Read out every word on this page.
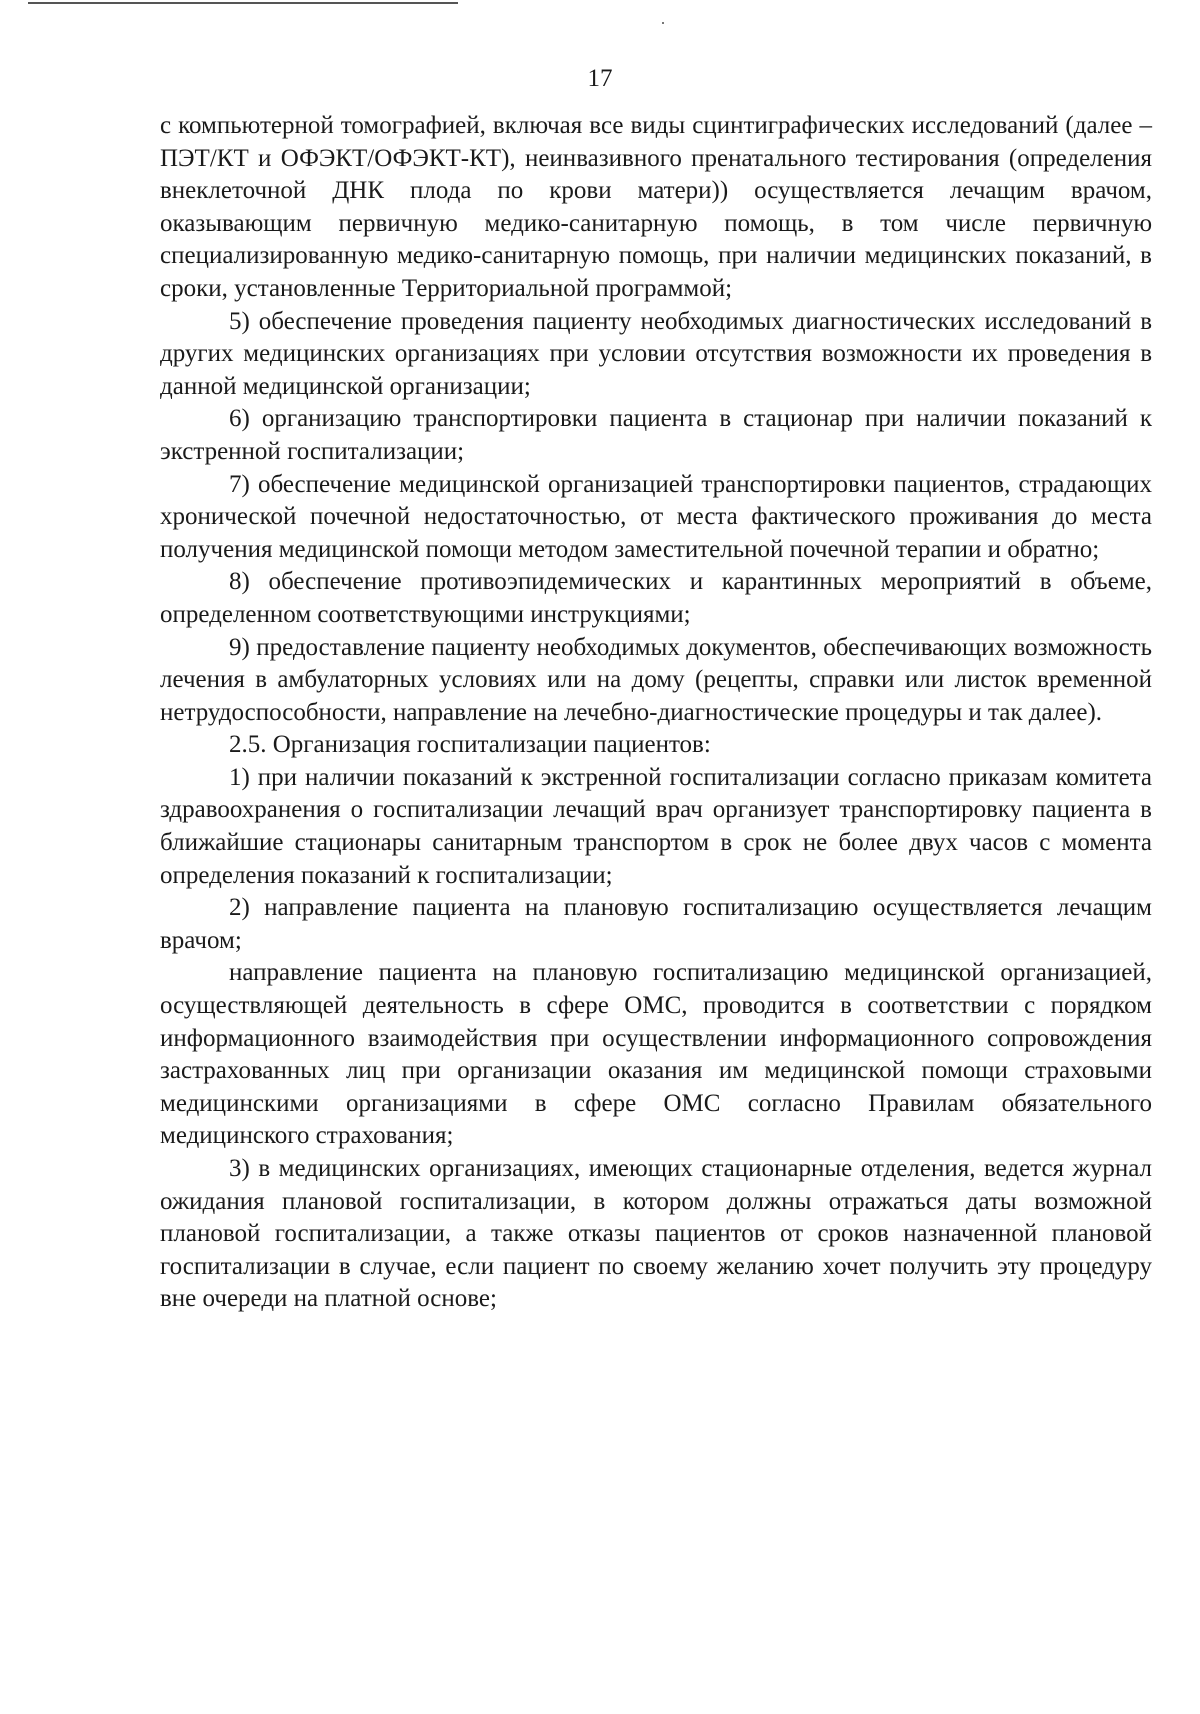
17

с компьютерной томографией, включая все виды сцинтиграфических исследований (далее – ПЭТ/КТ и ОФЭКТ/ОФЭКТ-КТ), неинвазивного пренатального тестирования (определения внеклеточной ДНК плода по крови матери)) осуществляется лечащим врачом, оказывающим первичную медико-санитарную помощь, в том числе первичную специализированную медико-санитарную помощь, при наличии медицинских показаний, в сроки, установленные Территориальной программой;

5) обеспечение проведения пациенту необходимых диагностических исследований в других медицинских организациях при условии отсутствия возможности их проведения в данной медицинской организации;

6) организацию транспортировки пациента в стационар при наличии показаний к экстренной госпитализации;

7) обеспечение медицинской организацией транспортировки пациентов, страдающих хронической почечной недостаточностью, от места фактического проживания до места получения медицинской помощи методом заместительной почечной терапии и обратно;

8) обеспечение противоэпидемических и карантинных мероприятий в объеме, определенном соответствующими инструкциями;

9) предоставление пациенту необходимых документов, обеспечивающих возможность лечения в амбулаторных условиях или на дому (рецепты, справки или листок временной нетрудоспособности, направление на лечебно-диагностические процедуры и так далее).

2.5. Организация госпитализации пациентов:

1) при наличии показаний к экстренной госпитализации согласно приказам комитета здравоохранения о госпитализации лечащий врач организует транспортировку пациента в ближайшие стационары санитарным транспортом в срок не более двух часов с момента определения показаний к госпитализации;

2) направление пациента на плановую госпитализацию осуществляется лечащим врачом;

направление пациента на плановую госпитализацию медицинской организацией, осуществляющей деятельность в сфере ОМС, проводится в соответствии с порядком информационного взаимодействия при осуществлении информационного сопровождения застрахованных лиц при организации оказания им медицинской помощи страховыми медицинскими организациями в сфере ОМС согласно Правилам обязательного медицинского страхования;

3) в медицинских организациях, имеющих стационарные отделения, ведется журнал ожидания плановой госпитализации, в котором должны отражаться даты возможной плановой госпитализации, а также отказы пациентов от сроков назначенной плановой госпитализации в случае, если пациент по своему желанию хочет получить эту процедуру вне очереди на платной основе;
